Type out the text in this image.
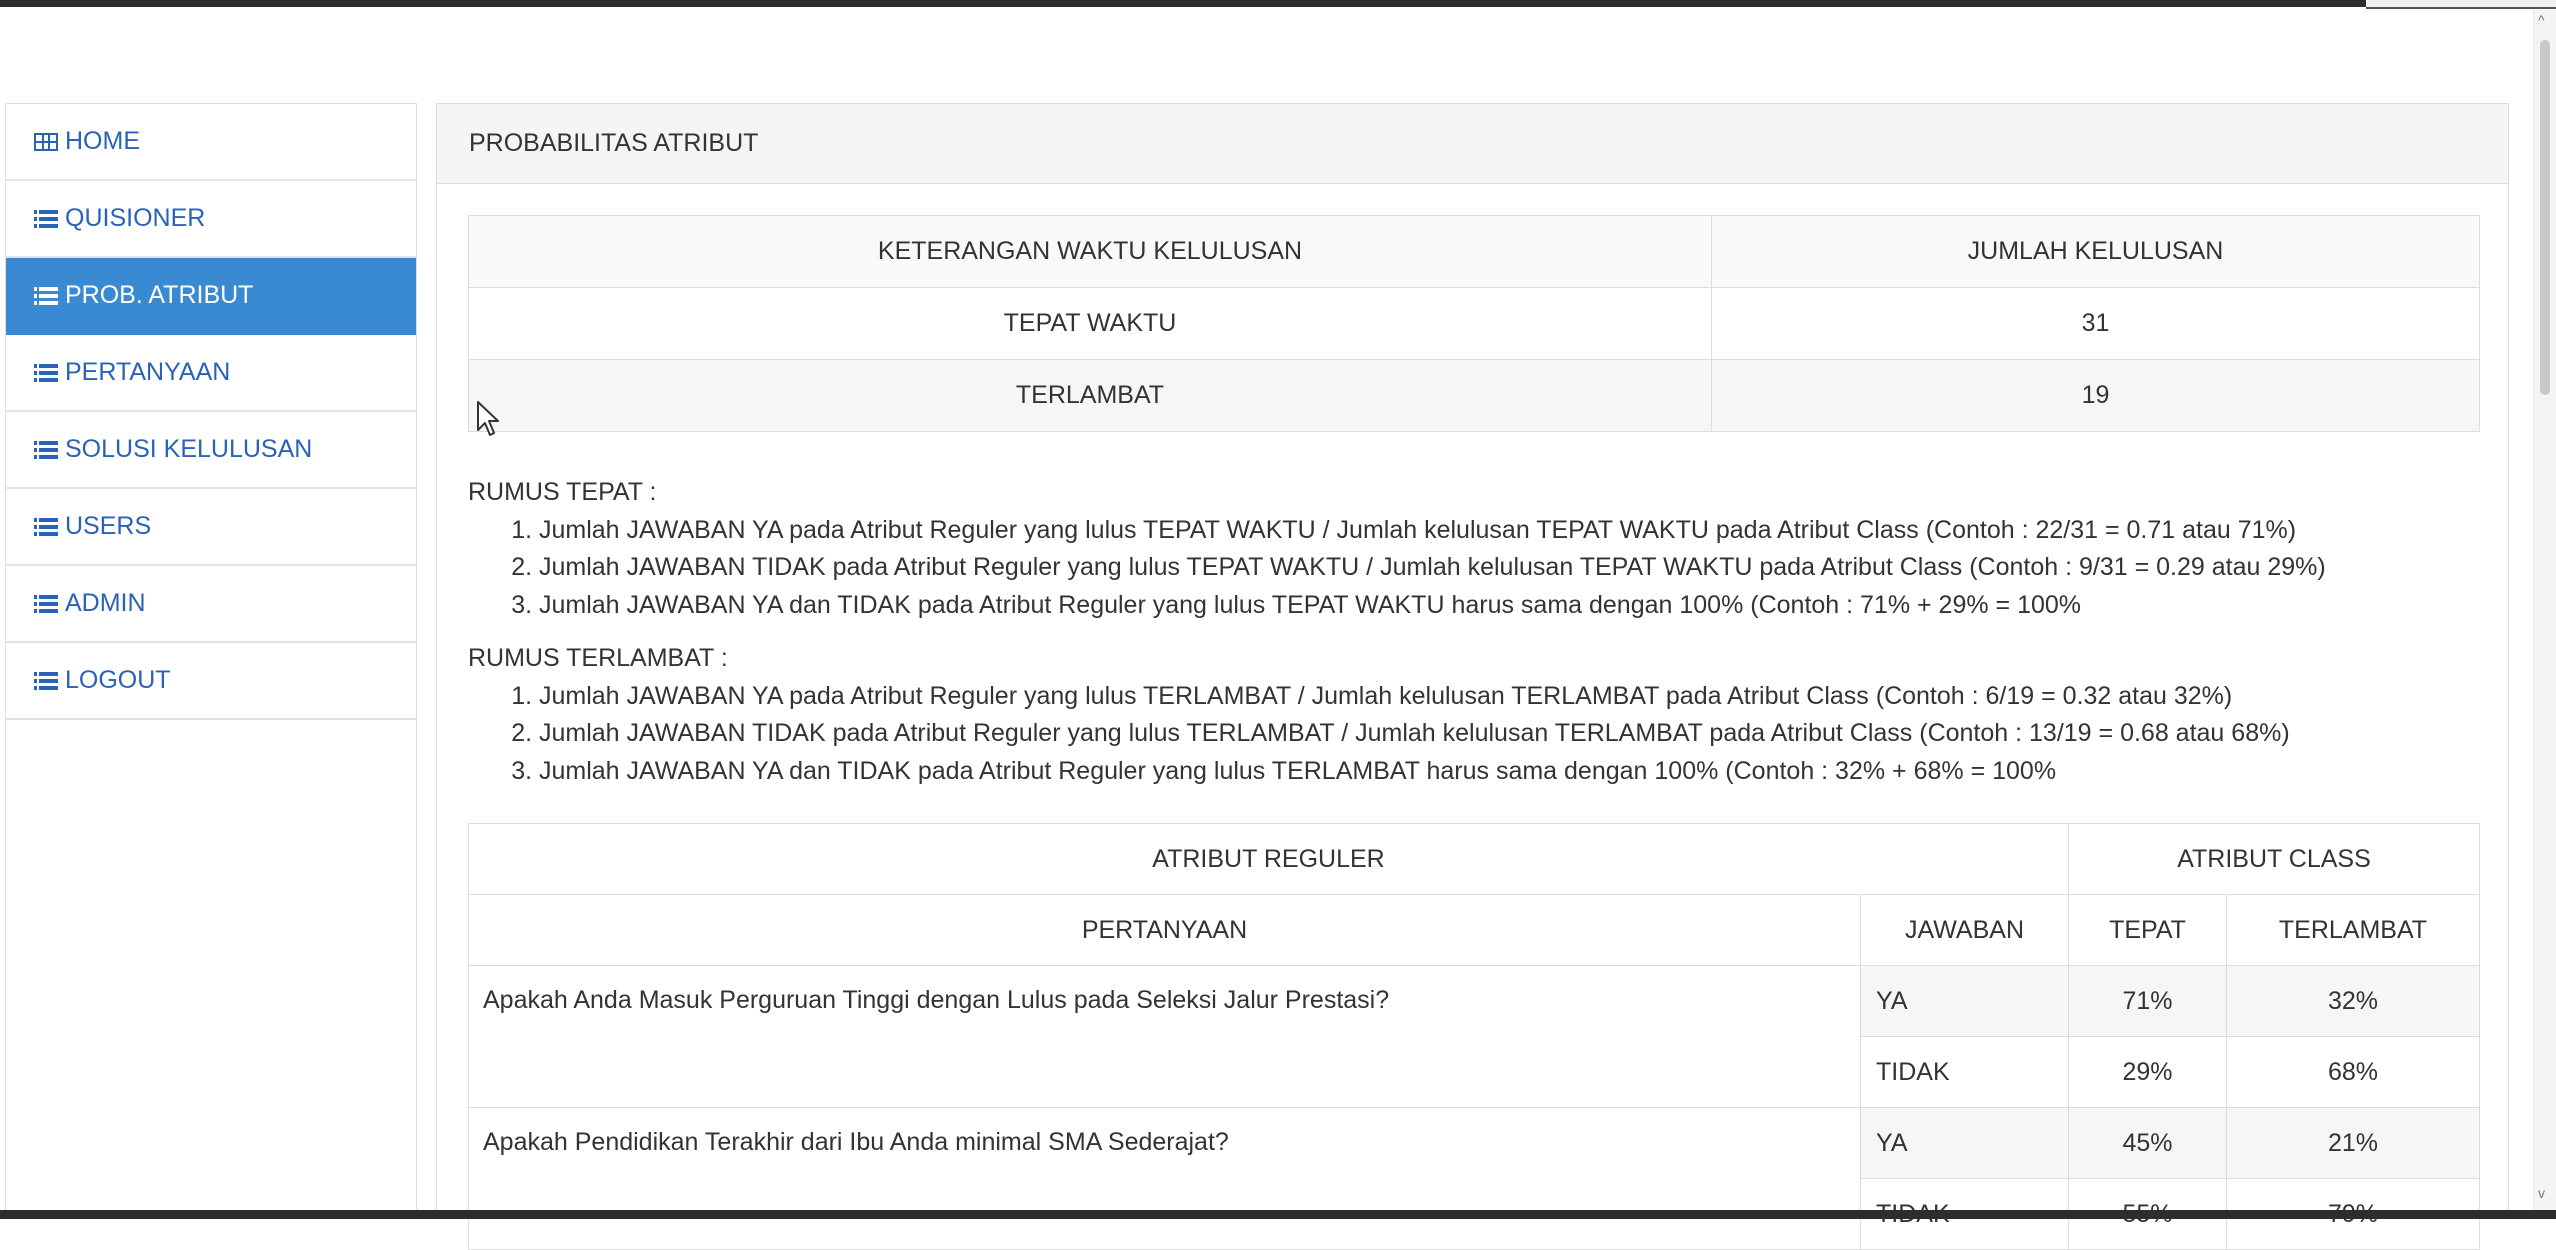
HOME
QUISIONER
PROB. ATRIBUT
PERTANYAAN
SOLUSI KELULUSAN
USERS
ADMIN
LOGOUT
PROBABILITAS ATRIBUT
KETERANGAN WAKTU KELULUSAN	JUMLAH KELULUSAN
TEPAT WAKTU	31
TERLAMBAT	19
RUMUS TEPAT :
1. Jumlah JAWABAN YA pada Atribut Reguler yang lulus TEPAT WAKTU / Jumlah kelulusan TEPAT WAKTU pada Atribut Class (Contoh : 22/31 = 0.71 atau 71%)
2. Jumlah JAWABAN TIDAK pada Atribut Reguler yang lulus TEPAT WAKTU / Jumlah kelulusan TEPAT WAKTU pada Atribut Class (Contoh : 9/31 = 0.29 atau 29%)
3. Jumlah JAWABAN YA dan TIDAK pada Atribut Reguler yang lulus TEPAT WAKTU harus sama dengan 100% (Contoh : 71% + 29% = 100%
RUMUS TERLAMBAT :
1. Jumlah JAWABAN YA pada Atribut Reguler yang lulus TERLAMBAT / Jumlah kelulusan TERLAMBAT pada Atribut Class (Contoh : 6/19 = 0.32 atau 32%)
2. Jumlah JAWABAN TIDAK pada Atribut Reguler yang lulus TERLAMBAT / Jumlah kelulusan TERLAMBAT pada Atribut Class (Contoh : 13/19 = 0.68 atau 68%)
3. Jumlah JAWABAN YA dan TIDAK pada Atribut Reguler yang lulus TERLAMBAT harus sama dengan 100% (Contoh : 32% + 68% = 100%
ATRIBUT REGULER		ATRIBUT CLASS	
PERTANYAAN	JAWABAN	TEPAT	TERLAMBAT
Apakah Anda Masuk Perguruan Tinggi dengan Lulus pada Seleksi Jalur Prestasi?	YA	71%	32%
	TIDAK	29%	68%
Apakah Pendidikan Terakhir dari Ibu Anda minimal SMA Sederajat?	YA	45%	21%

^
v
